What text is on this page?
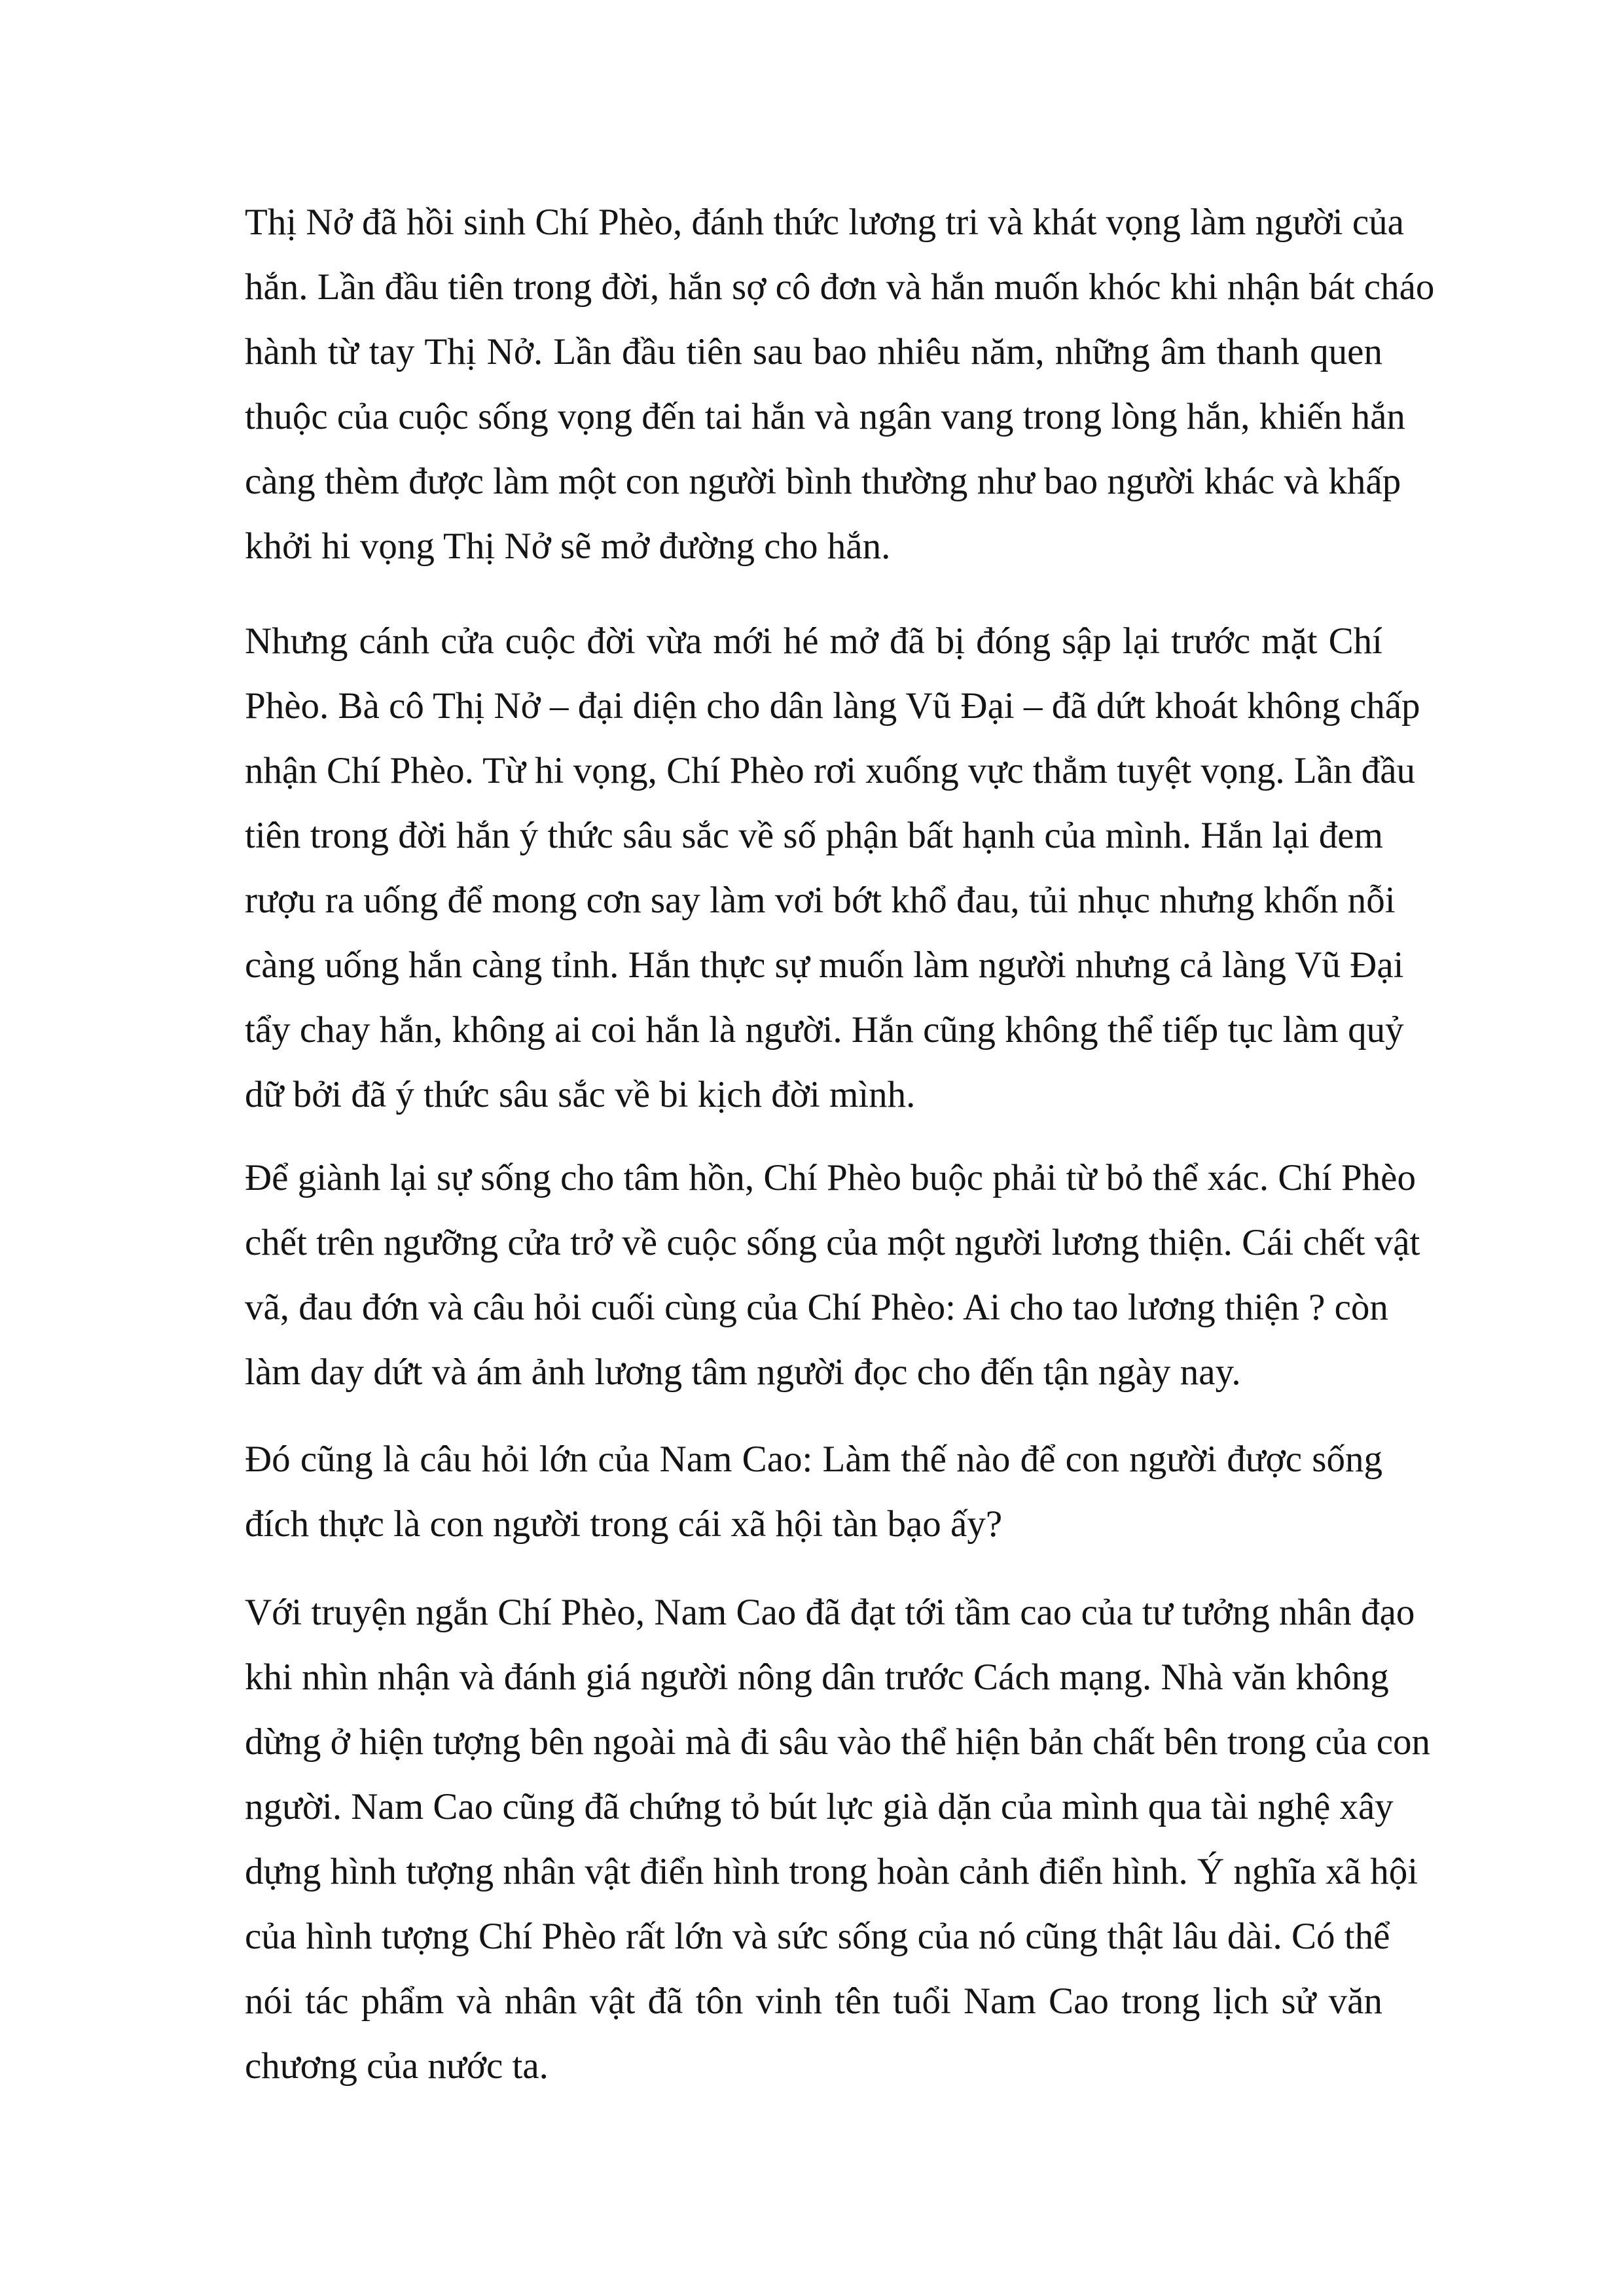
Thị Nở đã hồi sinh Chí Phèo, đánh thức lương tri và khát vọng làm người của
hắn. Lần đầu tiên trong đời, hắn sợ cô đơn và hắn muốn khóc khi nhận bát cháo
hành từ tay Thị Nở. Lần đầu tiên sau bao nhiêu năm, những âm thanh quen
thuộc của cuộc sống vọng đến tai hắn và ngân vang trong lòng hắn, khiến hắn
càng thèm được làm một con người bình thường như bao người khác và khấp
khởi hi vọng Thị Nở sẽ mở đường cho hắn.

Nhưng cánh cửa cuộc đời vừa mới hé mở đã bị đóng sập lại trước mặt Chí
Phèo. Bà cô Thị Nở – đại diện cho dân làng Vũ Đại – đã dứt khoát không chấp
nhận Chí Phèo. Từ hi vọng, Chí Phèo rơi xuống vực thẳm tuyệt vọng. Lần đầu
tiên trong đời hắn ý thức sâu sắc về số phận bất hạnh của mình. Hắn lại đem
rượu ra uống để mong cơn say làm vơi bớt khổ đau, tủi nhục nhưng khốn nỗi
càng uống hắn càng tỉnh. Hắn thực sự muốn làm người nhưng cả làng Vũ Đại
tẩy chay hắn, không ai coi hắn là người. Hắn cũng không thể tiếp tục làm quỷ
dữ bởi đã ý thức sâu sắc về bi kịch đời mình.

Để giành lại sự sống cho tâm hồn, Chí Phèo buộc phải từ bỏ thể xác. Chí Phèo
chết trên ngưỡng cửa trở về cuộc sống của một người lương thiện. Cái chết vật
vã, đau đớn và câu hỏi cuối cùng của Chí Phèo: Ai cho tao lương thiện ? còn
làm day dứt và ám ảnh lương tâm người đọc cho đến tận ngày nay.

Đó cũng là câu hỏi lớn của Nam Cao: Làm thế nào để con người được sống
đích thực là con người trong cái xã hội tàn bạo ấy?

Với truyện ngắn Chí Phèo, Nam Cao đã đạt tới tầm cao của tư tưởng nhân đạo
khi nhìn nhận và đánh giá người nông dân trước Cách mạng. Nhà văn không
dừng ở hiện tượng bên ngoài mà đi sâu vào thể hiện bản chất bên trong của con
người. Nam Cao cũng đã chứng tỏ bút lực già dặn của mình qua tài nghệ xây
dựng hình tượng nhân vật điển hình trong hoàn cảnh điển hình. Ý nghĩa xã hội
của hình tượng Chí Phèo rất lớn và sức sống của nó cũng thật lâu dài. Có thể
nói tác phẩm và nhân vật đã tôn vinh tên tuổi Nam Cao trong lịch sử văn
chương của nước ta.
